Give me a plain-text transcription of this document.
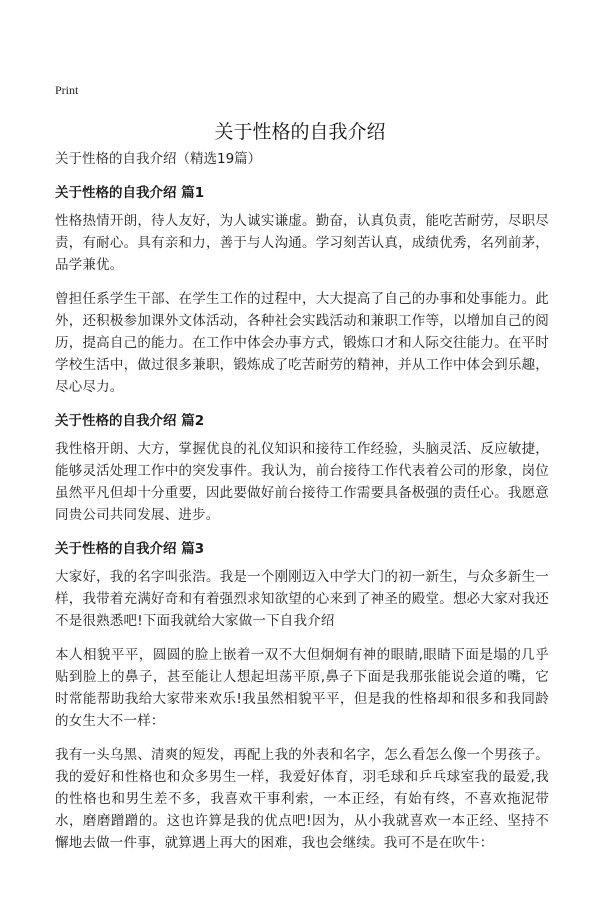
Print
关于性格的自我介绍

关于性格的自我介绍（精选19篇）

关于性格的自我介绍 篇1

性格热情开朗，待人友好，为人诚实谦虚。勤奋，认真负责，能吃苦耐劳，尽职尽责，有耐心。具有亲和力，善于与人沟通。学习刻苦认真，成绩优秀，名列前茅，品学兼优。

曾担任系学生干部、在学生工作的过程中，大大提高了自己的办事和处事能力。此外，还积极参加课外文体活动，各种社会实践活动和兼职工作等，以增加自己的阅历，提高自己的能力。在工作中体会办事方式，锻炼口才和人际交往能力。在平时学校生活中，做过很多兼职，锻炼成了吃苦耐劳的精神，并从工作中体会到乐趣，尽心尽力。

关于性格的自我介绍 篇2

我性格开朗、大方，掌握优良的礼仪知识和接待工作经验，头脑灵活、反应敏捷，能够灵活处理工作中的突发事件。我认为，前台接待工作代表着公司的形象，岗位虽然平凡但却十分重要，因此要做好前台接待工作需要具备极强的责任心。我愿意同贵公司共同发展、进步。

关于性格的自我介绍 篇3

大家好，我的名字叫张浩。我是一个刚刚迈入中学大门的初一新生，与众多新生一样，我带着充满好奇和有着强烈求知欲望的心来到了神圣的殿堂。想必大家对我还不是很熟悉吧!下面我就给大家做一下自我介绍

本人相貌平平，圆圆的脸上嵌着一双不大但炯炯有神的眼睛,眼睛下面是塌的几乎贴到脸上的鼻子，甚至能让人想起坦荡平原,鼻子下面是我那张能说会道的嘴，它时常能帮助我给大家带来欢乐!我虽然相貌平平，但是我的性格却和很多和我同龄的女生大不一样：

我有一头乌黑、清爽的短发，再配上我的外表和名字，怎么看怎么像一个男孩子。我的爱好和性格也和众多男生一样，我爱好体育，羽毛球和乒乓球室我的最爱,我的性格也和男生差不多，我喜欢干事利索，一本正经，有始有终，不喜欢拖泥带水，磨磨蹭蹭的。这也许算是我的优点吧!因为，从小我就喜欢一本正经、坚持不懈地去做一件事，就算遇上再大的困难，我也会继续。我可不是在吹牛：
